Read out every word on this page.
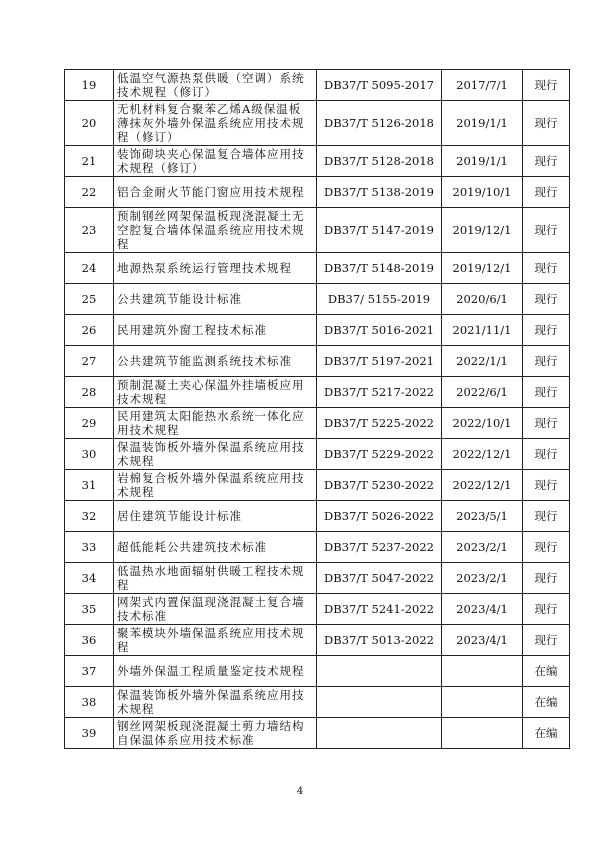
19	低温空气源热泵供暖（空调）系统技术规程（修订）	DB37/T 5095-2017	2017/7/1	现行
20	无机材料复合聚苯乙烯A级保温板薄抹灰外墙外保温系统应用技术规程（修订）	DB37/T 5126-2018	2019/1/1	现行
21	装饰砌块夹心保温复合墙体应用技术规程（修订）	DB37/T 5128-2018	2019/1/1	现行
22	铝合金耐火节能门窗应用技术规程	DB37/T 5138-2019	2019/10/1	现行
23	预制钢丝网架保温板现浇混凝土无空腔复合墙体保温系统应用技术规程	DB37/T 5147-2019	2019/12/1	现行
24	地源热泵系统运行管理技术规程	DB37/T 5148-2019	2019/12/1	现行
25	公共建筑节能设计标准	DB37/ 5155-2019	2020/6/1	现行
26	民用建筑外窗工程技术标准	DB37/T 5016-2021	2021/11/1	现行
27	公共建筑节能监测系统技术标准	DB37/T 5197-2021	2022/1/1	现行
28	预制混凝土夹心保温外挂墙板应用技术规程	DB37/T 5217-2022	2022/6/1	现行
29	民用建筑太阳能热水系统一体化应用技术规程	DB37/T 5225-2022	2022/10/1	现行
30	保温装饰板外墙外保温系统应用技术规程	DB37/T 5229-2022	2022/12/1	现行
31	岩棉复合板外墙外保温系统应用技术规程	DB37/T 5230-2022	2022/12/1	现行
32	居住建筑节能设计标准	DB37/T 5026-2022	2023/5/1	现行
33	超低能耗公共建筑技术标准	DB37/T 5237-2022	2023/2/1	现行
34	低温热水地面辐射供暖工程技术规程	DB37/T 5047-2022	2023/2/1	现行
35	网架式内置保温现浇混凝土复合墙技术标准	DB37/T 5241-2022	2023/4/1	现行
36	聚苯模块外墙保温系统应用技术规程	DB37/T 5013-2022	2023/4/1	现行
37	外墙外保温工程质量鉴定技术规程			在编
38	保温装饰板外墙外保温系统应用技术规程			在编
39	钢丝网架板现浇混凝土剪力墙结构自保温体系应用技术标准			在编
4
